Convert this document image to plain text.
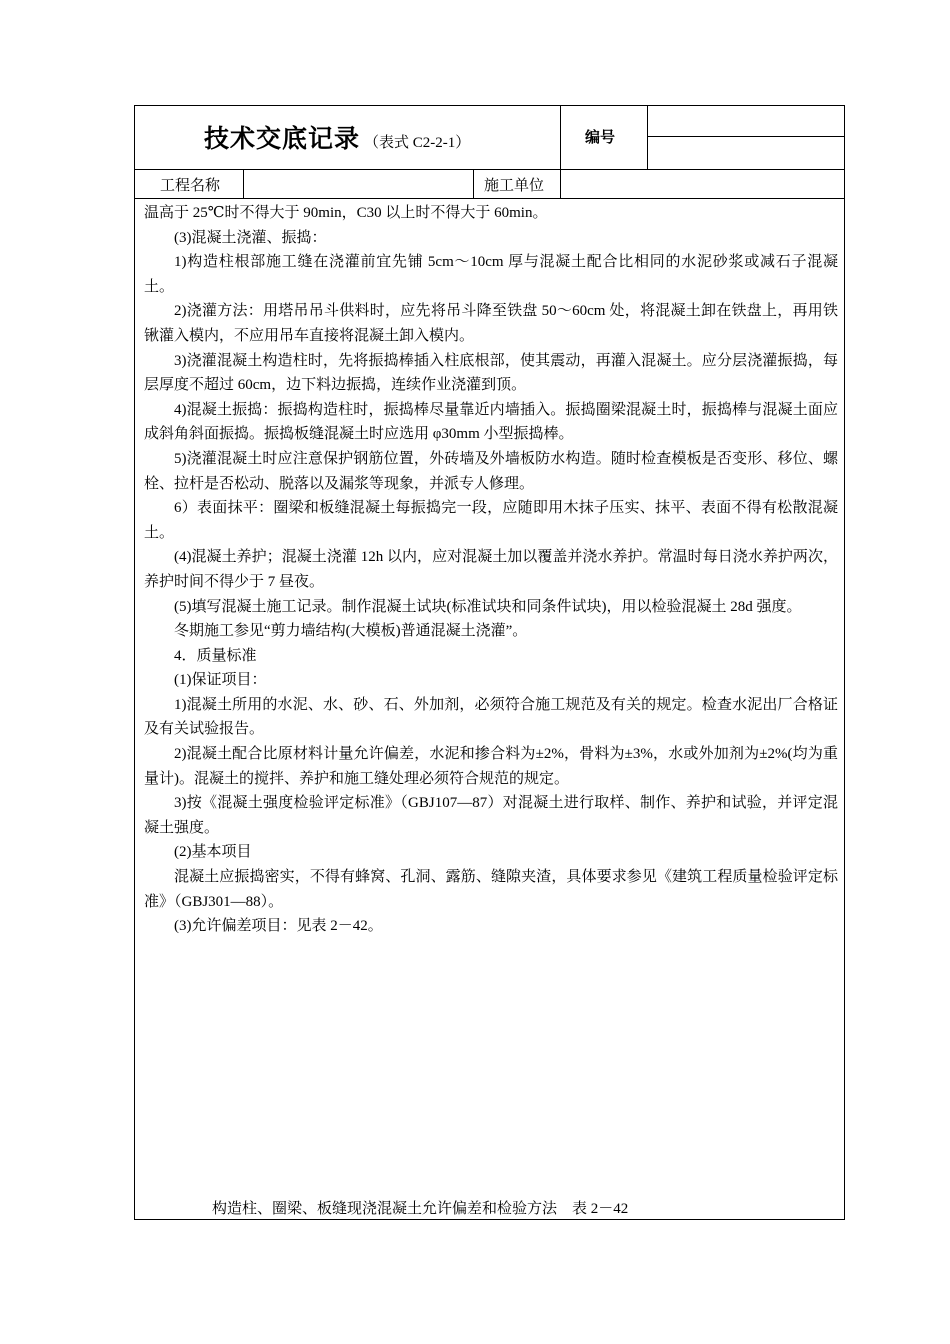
技术交底记录 （表式 C2-2-1）	编号
工程名称	施工单位

温高于 25℃时不得大于 90min，C30 以上时不得大于 60min。

(3)混凝土浇灌、振捣：

1)构造柱根部施工缝在浇灌前宜先铺 5cm～10cm 厚与混凝土配合比相同的水泥砂浆或减石子混凝土。

2)浇灌方法：用塔吊吊斗供料时，应先将吊斗降至铁盘 50～60cm 处，将混凝土卸在铁盘上，再用铁锹灌入模内，不应用吊车直接将混凝土卸入模内。

3)浇灌混凝土构造柱时，先将振捣棒插入柱底根部，使其震动，再灌入混凝土。应分层浇灌振捣，每层厚度不超过 60cm，边下料边振捣，连续作业浇灌到顶。

4)混凝土振捣：振捣构造柱时，振捣棒尽量靠近内墙插入。振捣圈梁混凝土时，振捣棒与混凝土面应成斜角斜面振捣。振捣板缝混凝土时应选用 φ30mm 小型振捣棒。

5)浇灌混凝土时应注意保护钢筋位置，外砖墙及外墙板防水构造。随时检查模板是否变形、移位、螺栓、拉杆是否松动、脱落以及漏浆等现象，并派专人修理。

6）表面抹平：圈梁和板缝混凝土每振捣完一段，应随即用木抹子压实、抹平、表面不得有松散混凝土。

(4)混凝土养护；混凝土浇灌 12h 以内，应对混凝土加以覆盖并浇水养护。常温时每日浇水养护两次，养护时间不得少于 7 昼夜。

(5)填写混凝土施工记录。制作混凝土试块(标准试块和同条件试块)，用以检验混凝土 28d 强度。

冬期施工参见“剪力墙结构(大模板)普通混凝土浇灌”。

4．质量标准

(1)保证项目：

1)混凝土所用的水泥、水、砂、石、外加剂，必须符合施工规范及有关的规定。检查水泥出厂合格证及有关试验报告。

2)混凝土配合比原材料计量允许偏差，水泥和掺合料为±2%，骨料为±3%，水或外加剂为±2%(均为重量计)。混凝土的搅拌、养护和施工缝处理必须符合规范的规定。

3)按《混凝土强度检验评定标准》（GBJ107—87）对混凝土进行取样、制作、养护和试验，并评定混凝土强度。

(2)基本项目

混凝土应振捣密实，不得有蜂窝、孔洞、露筋、缝隙夹渣，具体要求参见《建筑工程质量检验评定标准》（GBJ301—88）。

(3)允许偏差项目：见表 2－42。

构造柱、圈梁、板缝现浇混凝土允许偏差和检验方法　表 2－42
